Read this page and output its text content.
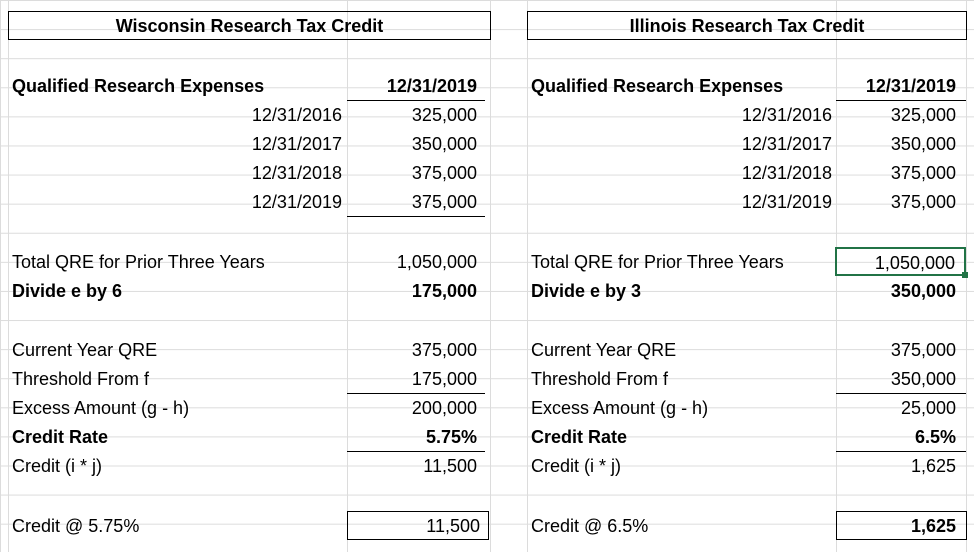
Wisconsin Research Tax Credit
Qualified Research Expenses	12/31/2019
12/31/2016	325,000
12/31/2017	350,000
12/31/2018	375,000
12/31/2019	375,000
Total QRE for Prior Three Years	1,050,000
Divide e by 6	175,000
Current Year QRE	375,000
Threshold From f	175,000
Excess Amount (g - h)	200,000
Credit Rate	5.75%
Credit (i * j)	11,500
Credit @ 5.75%	11,500
Illinois Research Tax Credit
Qualified Research Expenses	12/31/2019
12/31/2016	325,000
12/31/2017	350,000
12/31/2018	375,000
12/31/2019	375,000
Total QRE for Prior Three Years	1,050,000
Divide e by 3	350,000
Current Year QRE	375,000
Threshold From f	350,000
Excess Amount (g - h)	25,000
Credit Rate	6.5%
Credit (i * j)	1,625
Credit @ 6.5%	1,625
